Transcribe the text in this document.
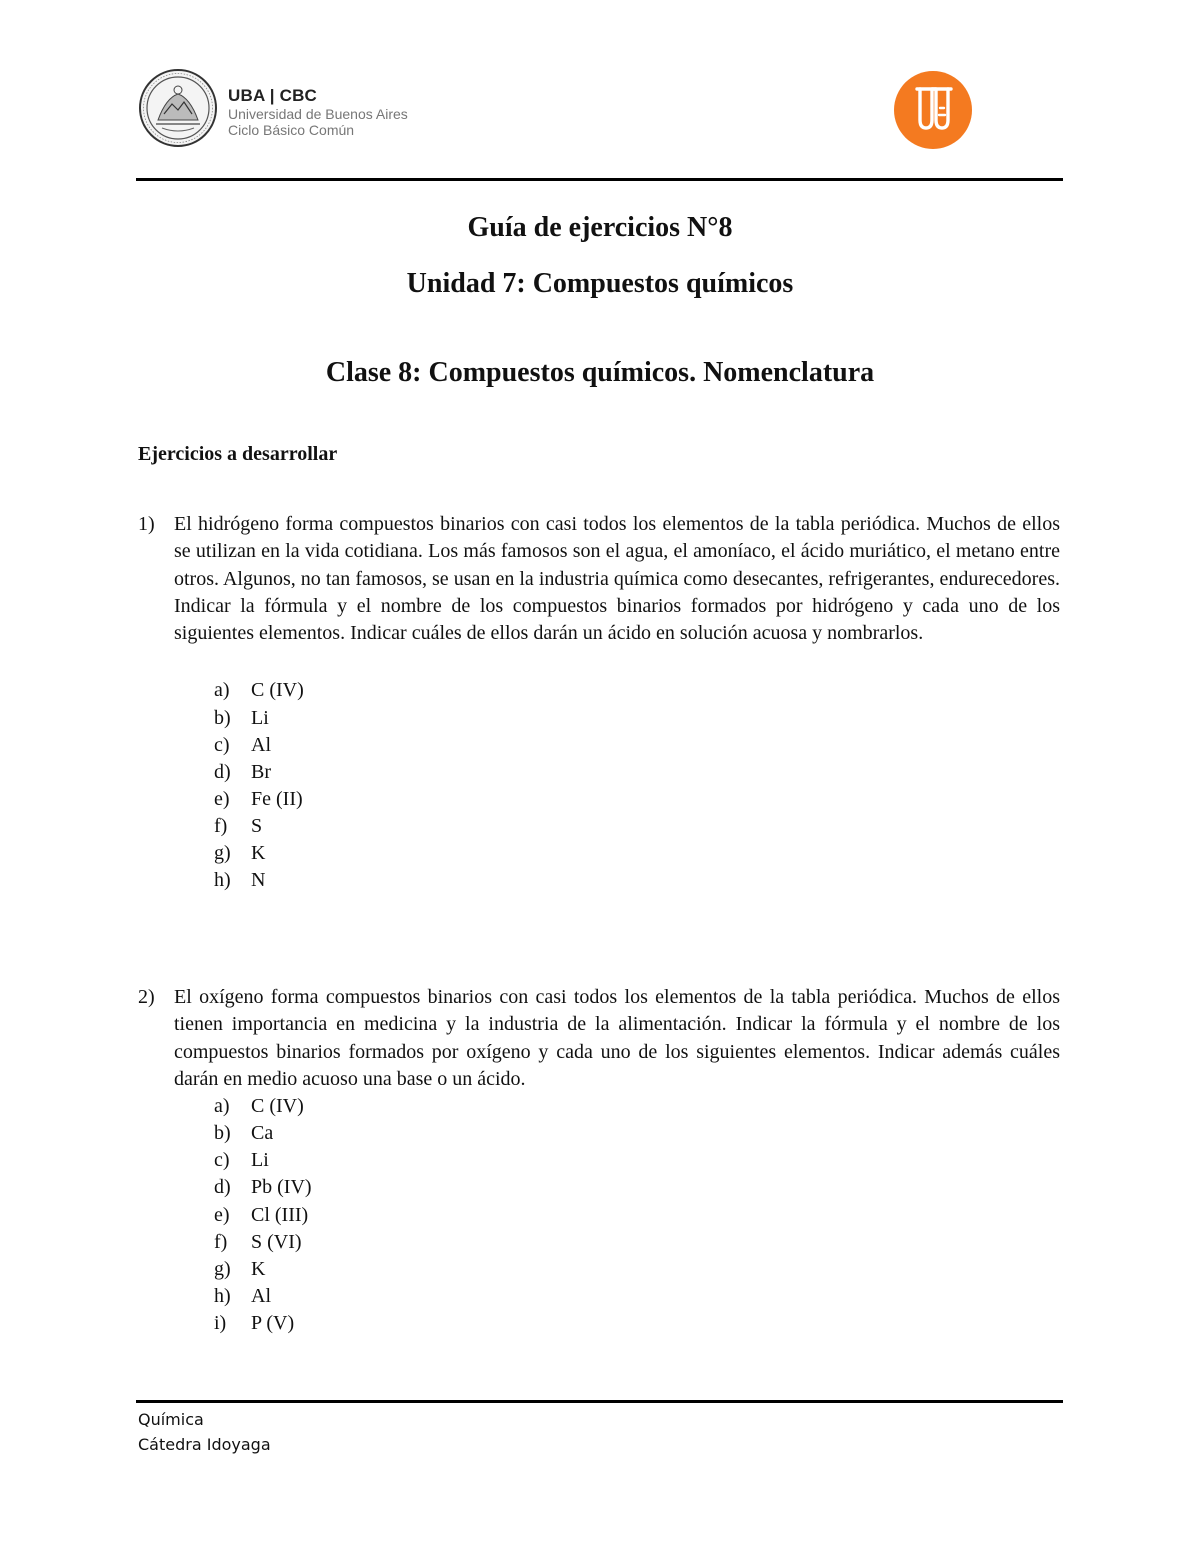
UBA | CBC
Universidad de Buenos Aires
Ciclo Básico Común
Guía de ejercicios N°8
Unidad 7: Compuestos químicos
Clase 8: Compuestos químicos. Nomenclatura
Ejercicios a desarrollar
1) El hidrógeno forma compuestos binarios con casi todos los elementos de la tabla periódica. Muchos de ellos se utilizan en la vida cotidiana. Los más famosos son el agua, el amoníaco, el ácido muriático, el metano entre otros. Algunos, no tan famosos, se usan en la industria química como desecantes, refrigerantes, endurecedores. Indicar la fórmula y el nombre de los compuestos binarios formados por hidrógeno y cada uno de los siguientes elementos. Indicar cuáles de ellos darán un ácido en solución acuosa y nombrarlos.
a)	C (IV)
b)	Li
c)	Al
d)	Br
e)	Fe (II)
f)	S
g)	K
h)	N
2) El oxígeno forma compuestos binarios con casi todos los elementos de la tabla periódica. Muchos de ellos tienen importancia en medicina y la industria de la alimentación. Indicar la fórmula y el nombre de los compuestos binarios formados por oxígeno y cada uno de los siguientes elementos. Indicar además cuáles darán en medio acuoso una base o un ácido.
a)	C (IV)
b)	Ca
c)	Li
d)	Pb (IV)
e)	Cl (III)
f)	S (VI)
g)	K
h)	Al
i)	P (V)
Química
Cátedra Idoyaga
